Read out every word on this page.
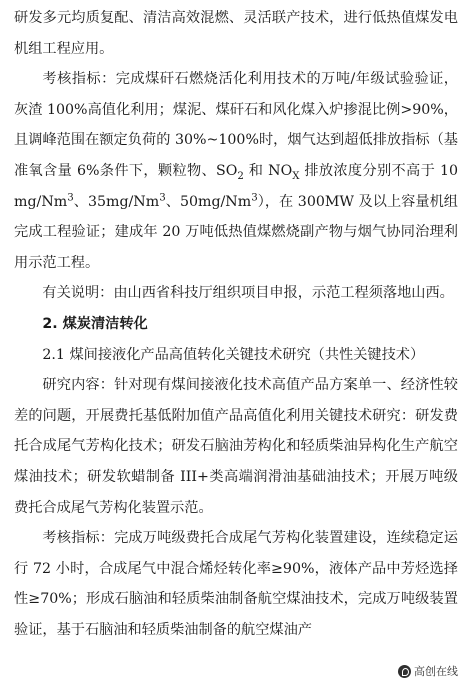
研发多元均质复配、清洁高效混燃、灵活联产技术，进行低热值煤发电机组工程应用。

考核指标：完成煤矸石燃烧活化利用技术的万吨/年级试验验证，灰渣 100%高值化利用；煤泥、煤矸石和风化煤入炉掺混比例>90%，且调峰范围在额定负荷的 30%~100%时，烟气达到超低排放指标（基准氧含量 6%条件下，颗粒物、$SO_2$ 和 $NO_X$ 排放浓度分别不高于 10mg/Nm$^3$、35mg/Nm$^3$、50mg/Nm$^3$），在 300MW 及以上容量机组完成工程验证；建成年 20 万吨低热值煤燃烧副产物与烟气协同治理利用示范工程。

有关说明：由山西省科技厅组织项目申报，示范工程须落地山西。

2. 煤炭清洁转化

2.1 煤间接液化产品高值转化关键技术研究（共性关键技术）

研究内容：针对现有煤间接液化技术高值产品方案单一、经济性较差的问题，开展费托基低附加值产品高值化利用关键技术研究：研发费托合成尾气芳构化技术；研发石脑油芳构化和轻质柴油异构化生产航空煤油技术；研发软蜡制备 III+类高端润滑油基础油技术；开展万吨级费托合成尾气芳构化装置示范。

考核指标：完成万吨级费托合成尾气芳构化装置建设，连续稳定运行 72 小时，合成尾气中混合烯烃转化率≥90%，液体产品中芳烃选择性≥70%；形成石脑油和轻质柴油制备航空煤油技术，完成万吨级装置验证，基于石脑油和轻质柴油制备的航空煤油产

高创在线
